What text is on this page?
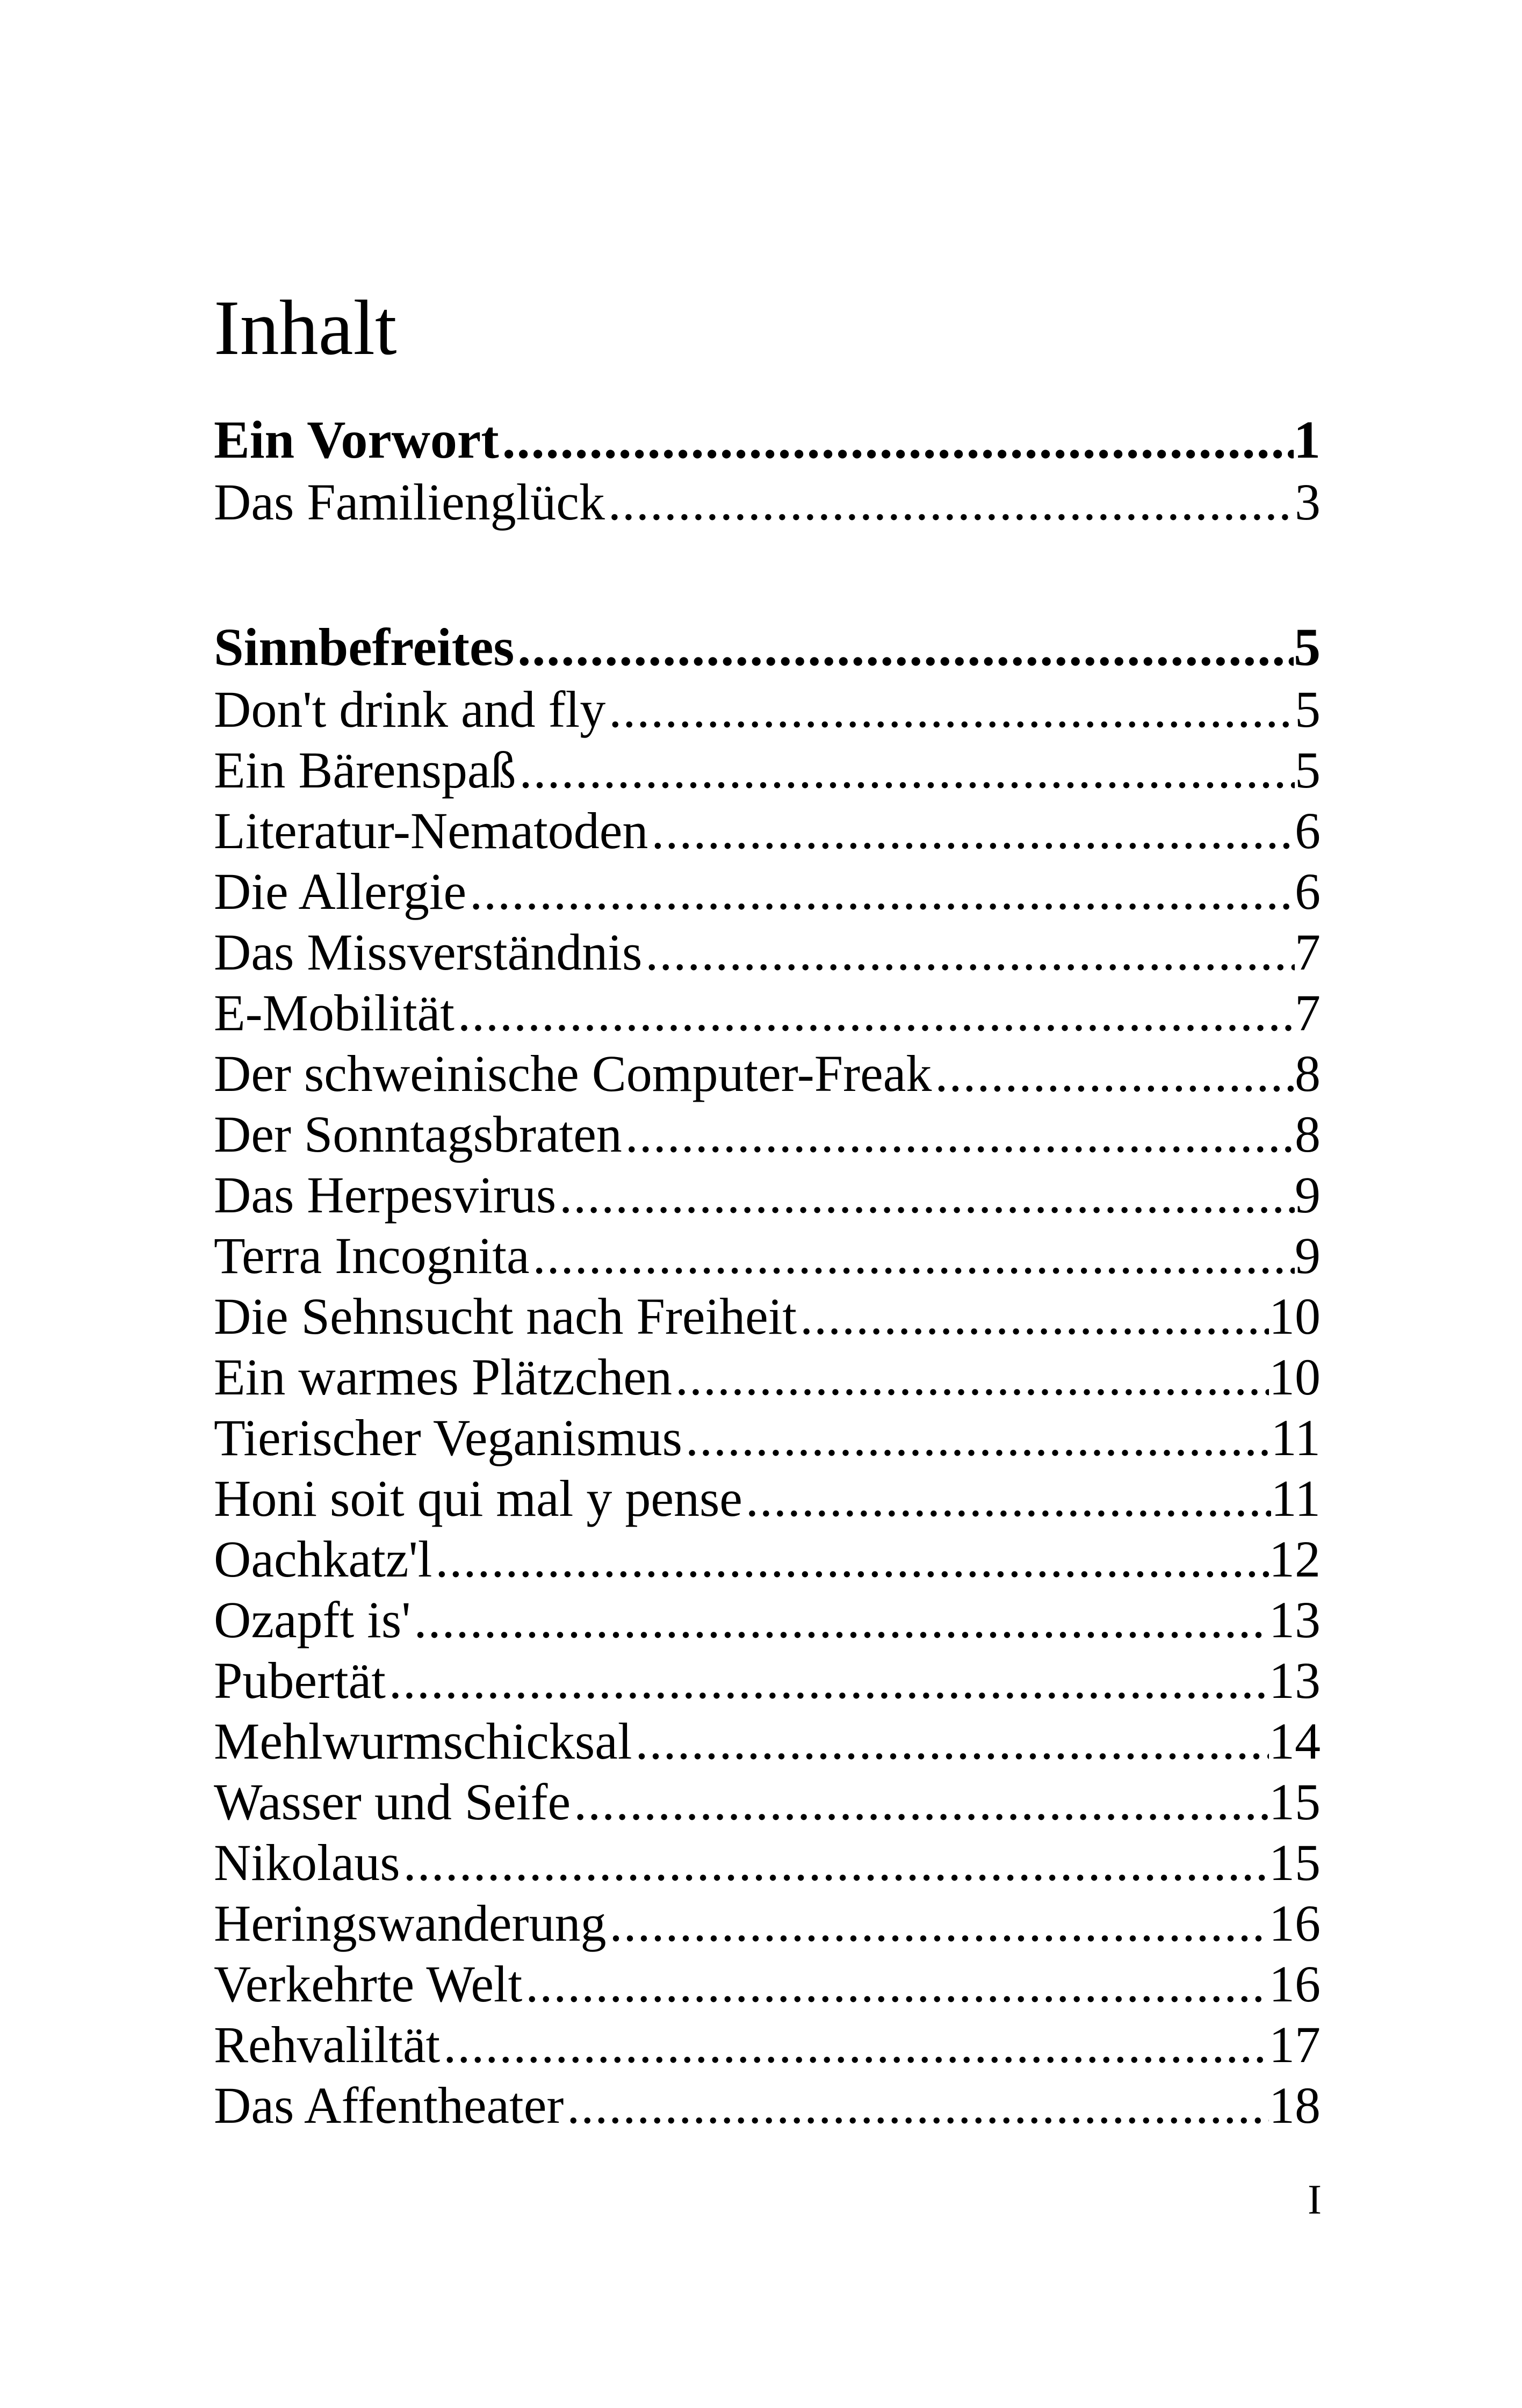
Inhalt
Ein Vorwort .....	1
Das Familienglück .....	3
Sinnbefreites .....	5
Don't drink and fly .....	5
Ein Bärenspaß .....	5
Literatur-Nematoden .....	6
Die Allergie .....	6
Das Missverständnis .....	7
E-Mobilität .....	7
Der schweinische Computer-Freak .....	8
Der Sonntagsbraten .....	8
Das Herpesvirus .....	9
Terra Incognita .....	9
Die Sehnsucht nach Freiheit .....	10
Ein warmes Plätzchen .....	10
Tierischer Veganismus .....	11
Honi soit qui mal y pense .....	11
Oachkatz'l .....	12
Ozapft is' .....	13
Pubertät .....	13
Mehlwurmschicksal .....	14
Wasser und Seife .....	15
Nikolaus .....	15
Heringswanderung .....	16
Verkehrte Welt .....	16
Rehvaliltät .....	17
Das Affentheater .....	18
I
